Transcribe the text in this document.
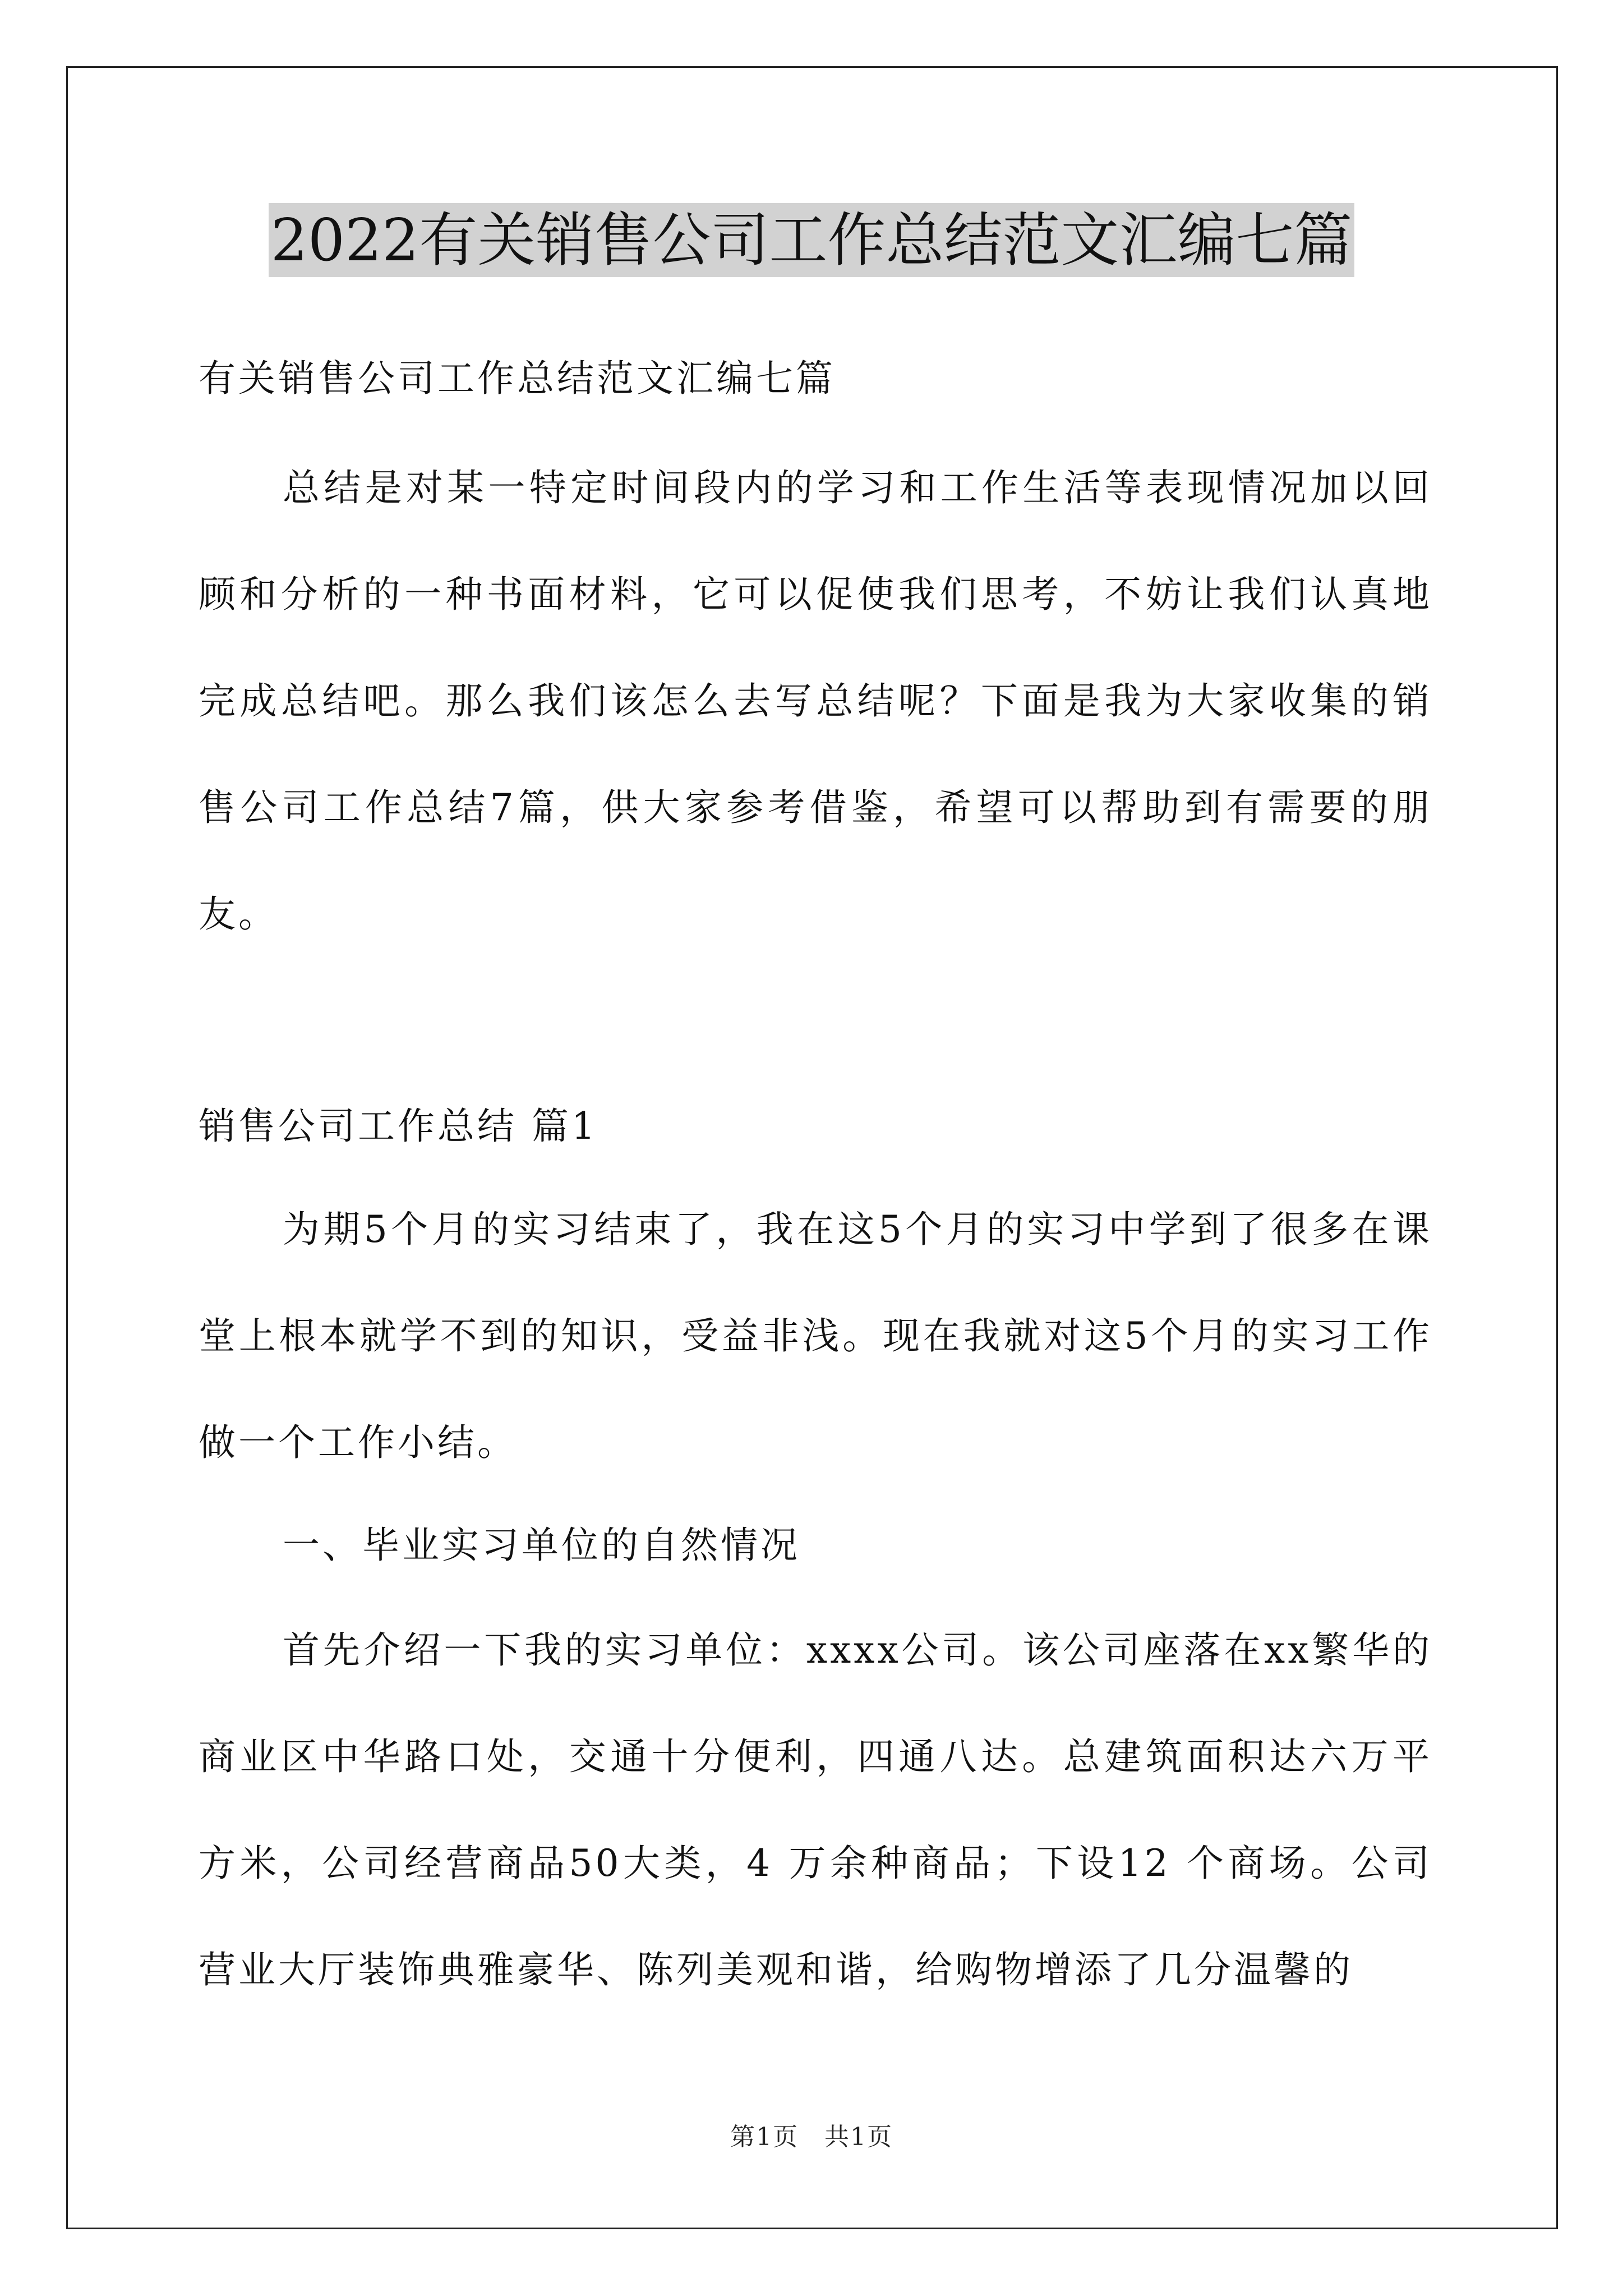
2022有关销售公司工作总结范文汇编七篇

有关销售公司工作总结范文汇编七篇

总结是对某一特定时间段内的学习和工作生活等表现情况加以回顾和分析的一种书面材料，它可以促使我们思考，不妨让我们认真地完成总结吧。那么我们该怎么去写总结呢？下面是我为大家收集的销售公司工作总结7篇，供大家参考借鉴，希望可以帮助到有需要的朋友。

销售公司工作总结 篇1

为期5个月的实习结束了，我在这5个月的实习中学到了很多在课堂上根本就学不到的知识，受益非浅。现在我就对这5个月的实习工作做一个工作小结。

一、毕业实习单位的自然情况

首先介绍一下我的实习单位：xxxx公司。该公司座落在xx繁华的商业区中华路口处，交通十分便利，四通八达。总建筑面积达六万平方米，公司经营商品50大类，4 万余种商品；下设12 个商场。公司营业大厅装饰典雅豪华、陈列美观和谐，给购物增添了几分温馨的

第1页　共1页
